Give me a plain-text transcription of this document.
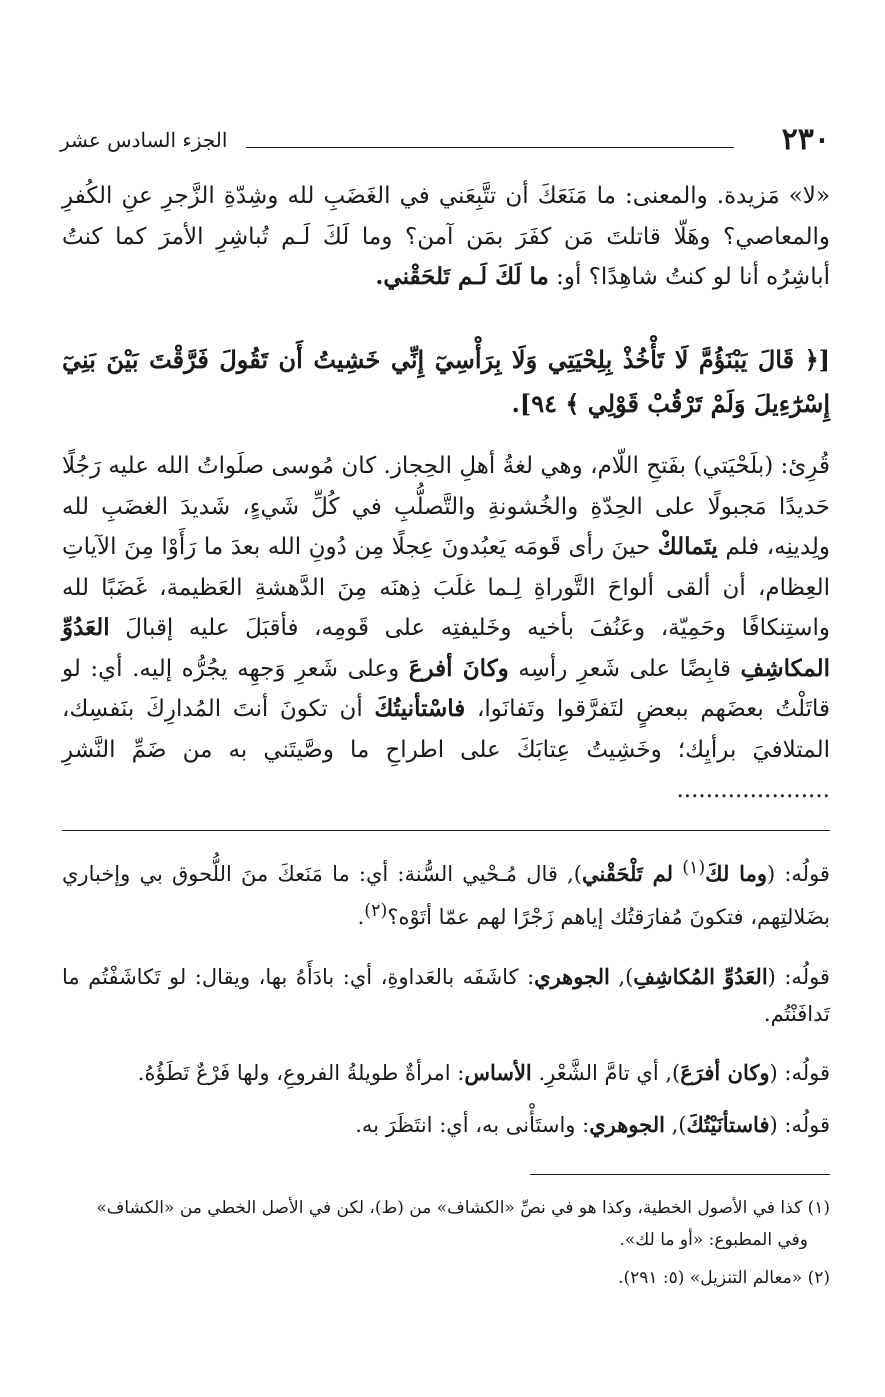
٢٣٠
الجزء السادس عشر
«لا» مَزيدة. والمعنى: ما مَنَعَكَ أن تتَّبِعَني في الغَضَبِ لله وشِدّةِ الزَّجرِ عنِ الكُفرِ والمعاصي؟ وهَلّا قاتلتَ مَن كفَرَ بمَن آمن؟ وما لَكَ لَـم تُباشِرِ الأمرَ كما كنتُ أباشِرُه أنا لو كنتُ شاهِدًا؟ أو: ما لَكَ لَـم تَلحَقْني.
[﴿ قَالَ يَبْنَؤُمَّ لَا تَأْخُذْ بِلِحْيَتِي وَلَا بِرَأْسِيٓ إِنِّي خَشِيتُ أَن تَقُولَ فَرَّقْتَ بَيْنَ بَنِيٓ إِسْرَٰٓءِيلَ وَلَمْ تَرْقُبْ قَوْلِي ﴾ ٩٤].
قُرِئ: (بلَحْيَتي) بفَتحِ اللّام، وهي لغةُ أهلِ الحِجاز. كان مُوسى صلَواتُ الله عليه رَجُلًا حَديدًا مَجبولًا على الحِدّةِ والخُشونةِ والتَّصلُّبِ في كُلِّ شَيءٍ، شَديدَ الغضَبِ لله ولِدينِه، فلم يتَمالكْ حينَ رأى قَومَه يَعبُدونَ عِجلًا مِن دُونِ الله بعدَ ما رَأَوْا مِنَ الآياتِ العِظام، أن ألقى ألواحَ التَّوراةِ لِـما غلَبَ ذِهنَه مِنَ الدَّهشةِ العَظيمة، غَضَبًا لله واستِنكافًا وحَمِيّة، وعَنُفَ بأخيه وخَليفتِه على قَومِه، فأقبَلَ عليه إقبالَ العَدُوِّ المكاشِفِ قابِضًا على شَعرِ رأسِه وكانَ أفرعَ وعلى شَعرِ وَجهِه يجُرُّه إليه. أي: لو قاتَلْتُ بعضَهم ببعضٍ لتَفرَّقوا وتَفانَوا، فاسْتأنيتُكَ أن تكونَ أنتَ المُدارِكَ بنَفسِك، المتلافيَ برأيِك؛ وخَشِيتُ عِتابَكَ على اطراحِ ما وصَّيتَني به من ضَمِّ النَّشرِ .....................
قولُه: (وما لكَ$^{(١)}$ لم تَلْحَقْني), قال مُـحْيي السُّنة: أي: ما مَنَعكَ منَ اللُّحوق بي وإخباري بضَلالتِهم، فتكونَ مُفارَقتُك إياهم زَجْرًا لهم عمّا أتَوْه؟$^{(٢)}$.
قولُه: (العَدُوِّ المُكاشِفِ), الجوهري: كاشَفَه بالعَداوةِ، أي: بادَأَهُ بها، ويقال: لو تَكاشَفْتُم ما تَدافَنْتُم.
قولُه: (وكان أفرَعَ), أي تامَّ الشَّعْرِ. الأساس: امرأةٌ طويلةُ الفروعِ، ولها فَرْعٌ تَطَؤُهُ.
قولُه: (فاستأنَيْتُكَ), الجوهري: واستَأْنى به، أي: انتَظَرَ به.
(١) كذا في الأصول الخطية، وكذا هو في نصِّ «الكشاف» من (ط)، لكن في الأصل الخطي من «الكشاف»
وفي المطبوع: «أو ما لك».
(٢) «معالم التنزيل» (٥: ٢٩١).
